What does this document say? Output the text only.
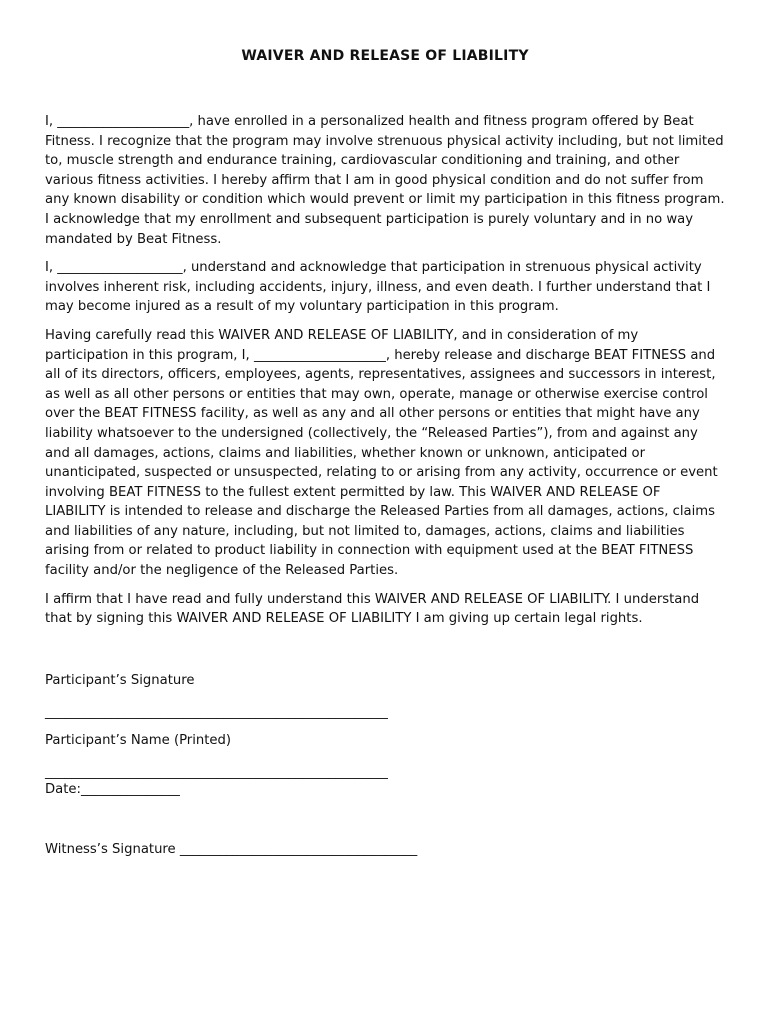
WAIVER AND RELEASE OF LIABILITY

I, ____________________, have enrolled in a personalized health and fitness program offered by Beat Fitness. I recognize that the program may involve strenuous physical activity including, but not limited to, muscle strength and endurance training, cardiovascular conditioning and training, and other various fitness activities. I hereby affirm that I am in good physical condition and do not suffer from any known disability or condition which would prevent or limit my participation in this fitness program. I acknowledge that my enrollment and subsequent participation is purely voluntary and in no way mandated by Beat Fitness.

I, ___________________, understand and acknowledge that participation in strenuous physical activity involves inherent risk, including accidents, injury, illness, and even death. I further understand that I may become injured as a result of my voluntary participation in this program.

Having carefully read this WAIVER AND RELEASE OF LIABILITY, and in consideration of my participation in this program, I, ____________________, hereby release and discharge BEAT FITNESS and all of its directors, officers, employees, agents, representatives, assignees and successors in interest, as well as all other persons or entities that may own, operate, manage or otherwise exercise control over the BEAT FITNESS facility, as well as any and all other persons or entities that might have any liability whatsoever to the undersigned (collectively, the “Released Parties”), from and against any and all damages, actions, claims and liabilities, whether known or unknown, anticipated or unanticipated, suspected or unsuspected, relating to or arising from any activity, occurrence or event involving BEAT FITNESS to the fullest extent permitted by law. This WAIVER AND RELEASE OF LIABILITY is intended to release and discharge the Released Parties from all damages, actions, claims and liabilities of any nature, including, but not limited to, damages, actions, claims and liabilities arising from or related to product liability in connection with equipment used at the BEAT FITNESS facility and/or the negligence of the Released Parties.

I affirm that I have read and fully understand this WAIVER AND RELEASE OF LIABILITY. I understand that by signing this WAIVER AND RELEASE OF LIABILITY I am giving up certain legal rights.

Participant’s Signature
____________________________________________________
Participant’s Name (Printed)
____________________________________________________
Date:_______________
Witness’s Signature ____________________________________
